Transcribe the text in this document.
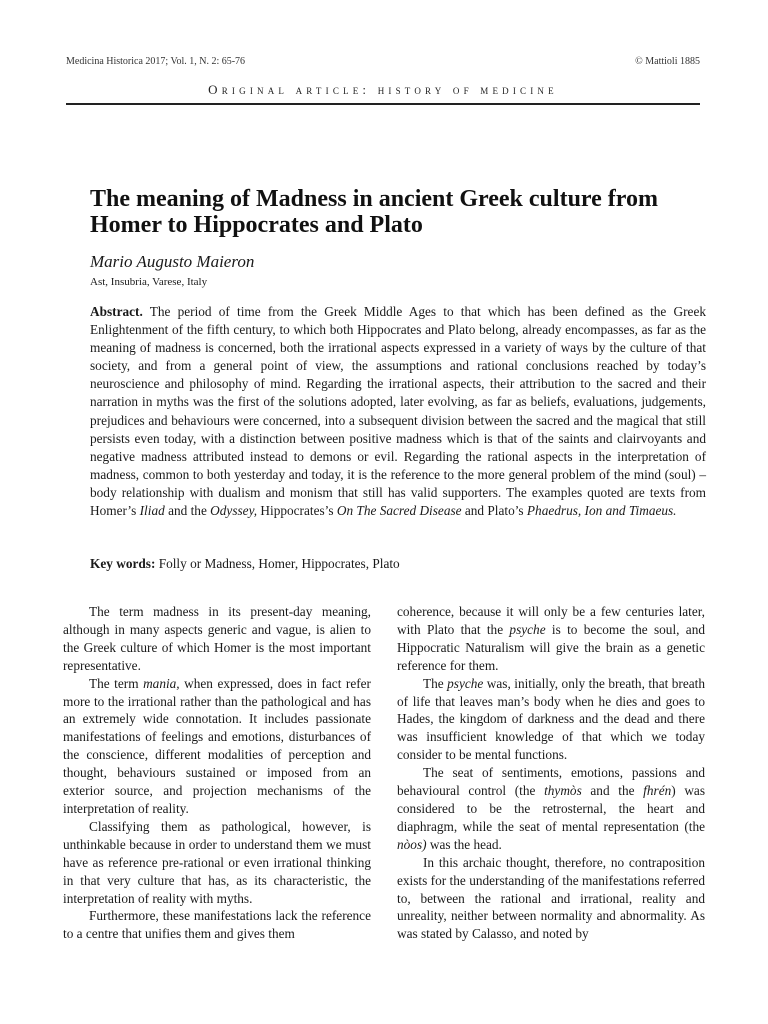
Medicina Historica 2017; Vol. 1, N. 2: 65-76	© Mattioli 1885
Original article: history of medicine
The meaning of Madness in ancient Greek culture from Homer to Hippocrates and Plato
Mario Augusto Maieron
Ast, Insubria, Varese, Italy

Abstract. The period of time from the Greek Middle Ages to that which has been defined as the Greek Enlightenment of the fifth century, to which both Hippocrates and Plato belong, already encompasses, as far as the meaning of madness is concerned, both the irrational aspects expressed in a variety of ways by the culture of that society, and from a general point of view, the assumptions and rational conclusions reached by today’s neuroscience and philosophy of mind. Regarding the irrational aspects, their attribution to the sacred and their narration in myths was the first of the solutions adopted, later evolving, as far as beliefs, evaluations, judgements, prejudices and behaviours were concerned, into a subsequent division between the sacred and the magical that still persists even today, with a distinction between positive madness which is that of the saints and clairvoyants and negative madness attributed instead to demons or evil. Regarding the rational aspects in the interpretation of madness, common to both yesterday and today, it is the reference to the more general problem of the mind (soul) – body relationship with dualism and monism that still has valid supporters. The examples quoted are texts from Homer’s Iliad and the Odyssey, Hippocrates’s On The Sacred Disease and Plato’s Phaedrus, Ion and Timaeus.

Key words: Folly or Madness, Homer, Hippocrates, Plato

The term madness in its present-day meaning, although in many aspects generic and vague, is alien to the Greek culture of which Homer is the most important representative.

The term mania, when expressed, does in fact refer more to the irrational rather than the pathological and has an extremely wide connotation. It includes passionate manifestations of feelings and emotions, disturbances of the conscience, different modalities of perception and thought, behaviours sustained or imposed from an exterior source, and projection mechanisms of the interpretation of reality.

Classifying them as pathological, however, is unthinkable because in order to understand them we must have as reference pre-rational or even irrational thinking in that very culture that has, as its characteristic, the interpretation of reality with myths.

Furthermore, these manifestations lack the reference to a centre that unifies them and gives them

coherence, because it will only be a few centuries later, with Plato that the psyche is to become the soul, and Hippocratic Naturalism will give the brain as a genetic reference for them.

The psyche was, initially, only the breath, that breath of life that leaves man’s body when he dies and goes to Hades, the kingdom of darkness and the dead and there was insufficient knowledge of that which we today consider to be mental functions.

The seat of sentiments, emotions, passions and behavioural control (the thymòs and the fhrén) was considered to be the retrosternal, the heart and diaphragm, while the seat of mental representation (the nòos) was the head.

In this archaic thought, therefore, no contraposition exists for the understanding of the manifestations referred to, between the rational and irrational, reality and unreality, neither between normality and abnormality. As was stated by Calasso, and noted by
